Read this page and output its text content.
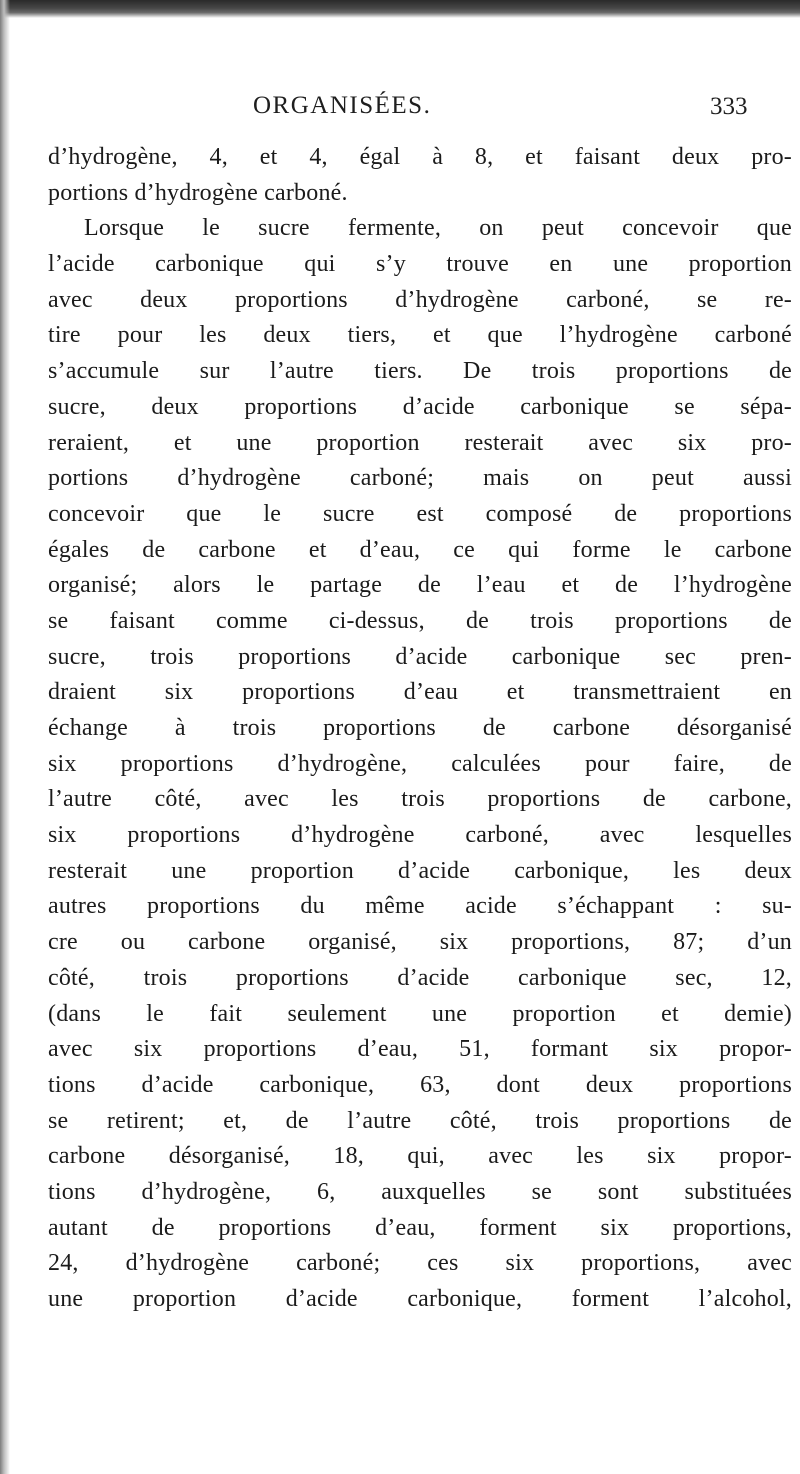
ORGANISÉES.	333
d’hydrogène, 4, et 4, égal à 8, et faisant deux pro-
portions d’hydrogène carboné.
Lorsque le sucre fermente, on peut concevoir que
l’acide carbonique qui s’y trouve en une proportion
avec deux proportions d’hydrogène carboné, se re-
tire pour les deux tiers, et que l’hydrogène carboné
s’accumule sur l’autre tiers. De trois proportions de
sucre, deux proportions d’acide carbonique se sépa-
reraient, et une proportion resterait avec six pro-
portions d’hydrogène carboné; mais on peut aussi
concevoir que le sucre est composé de proportions
égales de carbone et d’eau, ce qui forme le carbone
organisé; alors le partage de l’eau et de l’hydrogène
se faisant comme ci-dessus, de trois proportions de
sucre, trois proportions d’acide carbonique sec pren-
draient six proportions d’eau et transmettraient en
échange à trois proportions de carbone désorganisé
six proportions d’hydrogène, calculées pour faire, de
l’autre côté, avec les trois proportions de carbone,
six proportions d’hydrogène carboné, avec lesquelles
resterait une proportion d’acide carbonique, les deux
autres proportions du même acide s’échappant : su-
cre ou carbone organisé, six proportions, 87; d’un
côté, trois proportions d’acide carbonique sec, 12,
(dans le fait seulement une proportion et demie)
avec six proportions d’eau, 51, formant six propor-
tions d’acide carbonique, 63, dont deux proportions
se retirent; et, de l’autre côté, trois proportions de
carbone désorganisé, 18, qui, avec les six propor-
tions d’hydrogène, 6, auxquelles se sont substituées
autant de proportions d’eau, forment six proportions,
24, d’hydrogène carboné; ces six proportions, avec
une proportion d’acide carbonique, forment l’alcohol,
